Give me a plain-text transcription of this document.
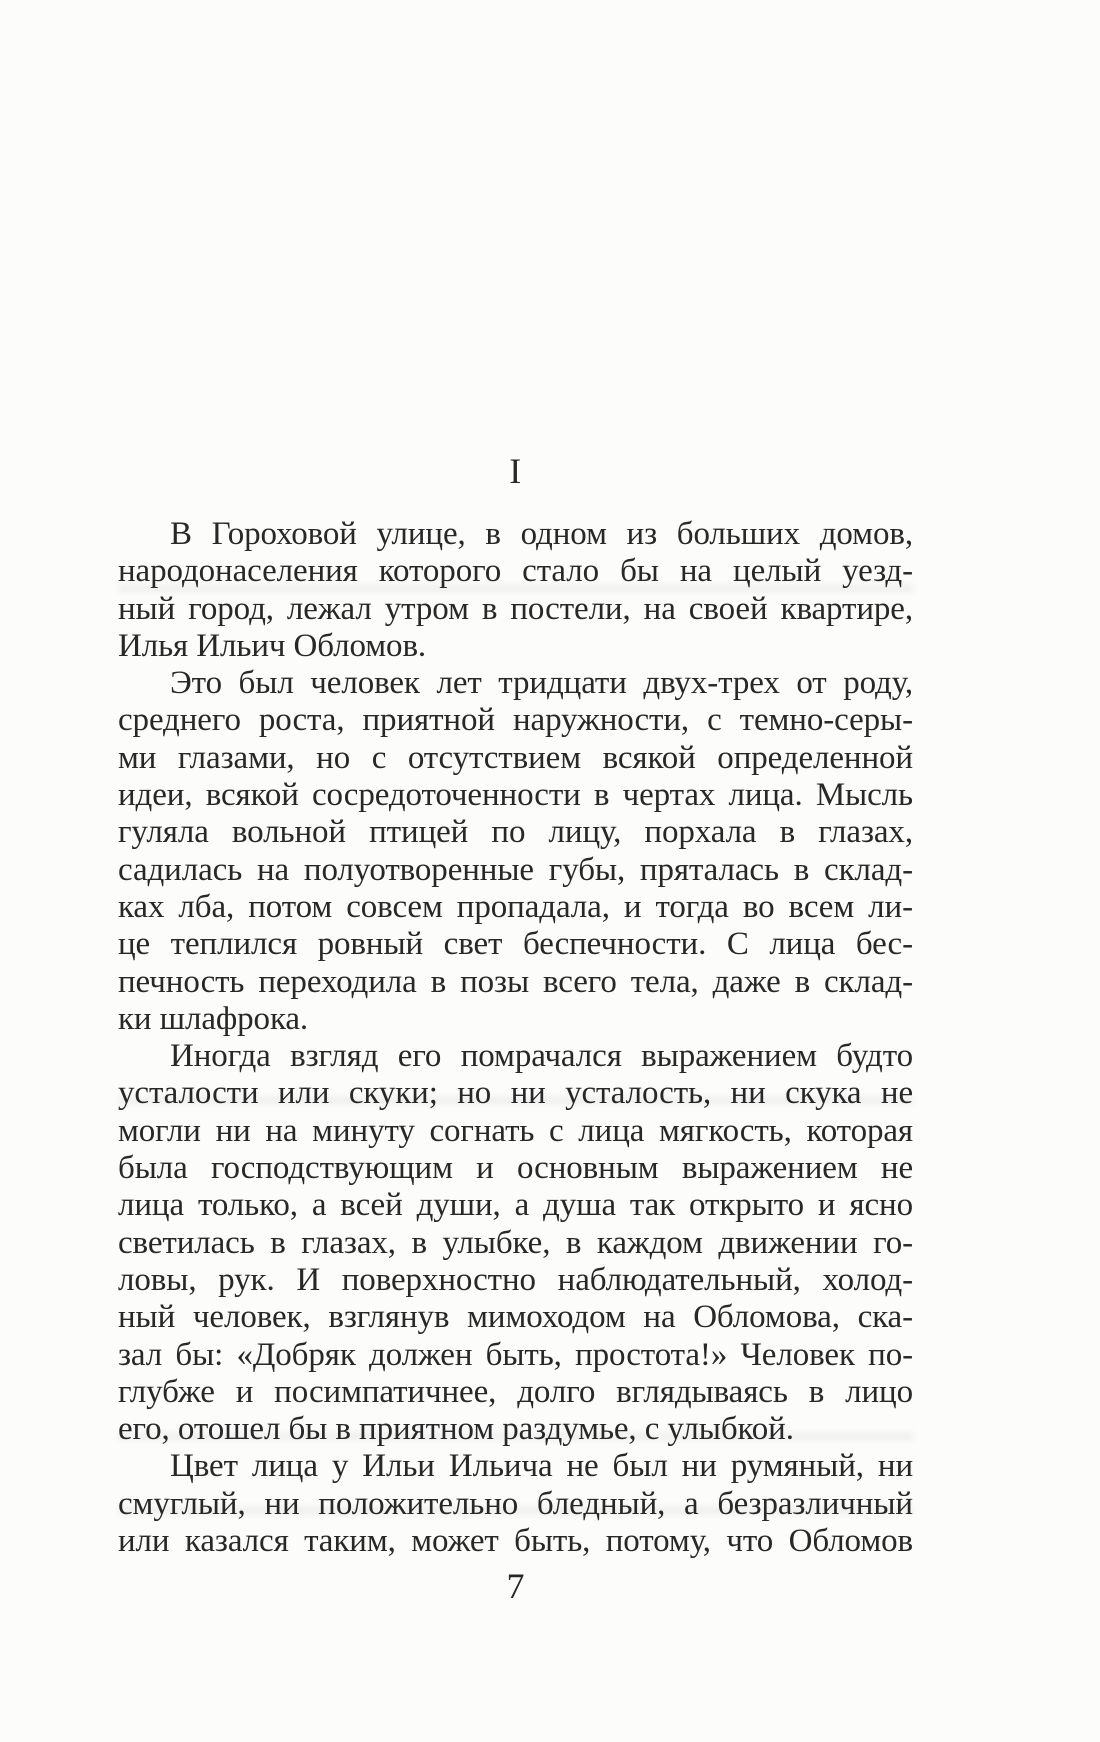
I

В Гороховой улице, в одном из больших домов,
народонаселения которого стало бы на целый уезд-
ный город, лежал утром в постели, на своей квартире,
Илья Ильич Обломов.

Это был человек лет тридцати двух-трех от роду,
среднего роста, приятной наружности, с темно-серы-
ми глазами, но с отсутствием всякой определенной
идеи, всякой сосредоточенности в чертах лица. Мысль
гуляла вольной птицей по лицу, порхала в глазах,
садилась на полуотворенные губы, пряталась в склад-
ках лба, потом совсем пропадала, и тогда во всем ли-
це теплился ровный свет беспечности. С лица бес-
печность переходила в позы всего тела, даже в склад-
ки шлафрока.

Иногда взгляд его помрачался выражением будто
усталости или скуки; но ни усталость, ни скука не
могли ни на минуту согнать с лица мягкость, которая
была господствующим и основным выражением не
лица только, а всей души, а душа так открыто и ясно
светилась в глазах, в улыбке, в каждом движении го-
ловы, рук. И поверхностно наблюдательный, холод-
ный человек, взглянув мимоходом на Обломова, ска-
зал бы: «Добряк должен быть, простота!» Человек по-
глубже и посимпатичнее, долго вглядываясь в лицо
его, отошел бы в приятном раздумье, с улыбкой.

Цвет лица у Ильи Ильича не был ни румяный, ни
смуглый, ни положительно бледный, а безразличный
или казался таким, может быть, потому, что Обломов

7
